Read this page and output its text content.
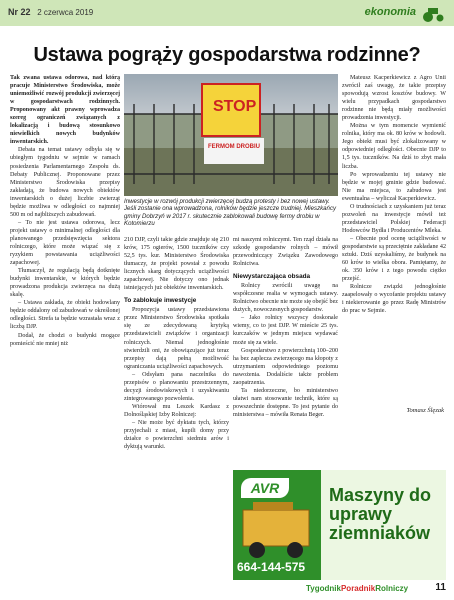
Nr 22 2 czerwca 2019	ekonomia
Ustawa pogrąży gospodarstwa rodzinne?

Tak zwana ustawa odorowa, nad którą pracuje Ministerstwo Środowiska, może uniemożliwić rozwój produkcji zwierzęcej w gospodarstwach rodzinnych. Proponowany akt prawny wprowadza szereg ograniczeń związanych z lokalizacją i budową stosunkowo niewielkich nowych budynków inwentarskich.

Debata na temat ustawy odbyła się w ubiegłym tygodniu w sejmie w ramach posiedzenia Parlamentarnego Zespołu ds. Debaty Publicznej. Proponowane przez Ministerstwo Środowiska przepisy zakładają, że budowa nowych obiektów inwentarskich o dużej liczbie zwierząt będzie możliwa w odległości co najmniej 500 m od najbliższych zabudowań.

– To nie jest ustawa odorowa, lecz projekt ustawy o minimalnej odległości dla planowanego przedsięwzięcia sektora rolniczego, które może wiązać się z ryzykiem powstawania uciążliwości zapachowej.

Tłumaczył, że regulacją będą dotknięte budynki inwentarskie, w których będzie prowadzona produkcja zwierzęca na dużą skalę.

– Ustawa zakłada, że obiekt hodowlany będzie oddalony od zabudowań w określonej odległości. Strefa ta będzie wzrastała wraz z liczbą DJP.

Dodał, że chodzi o budynki mogące pomieścić nie mniej niż

STOP
FERMOM DROBIU
Inwestycje w rozwój produkcji zwierzęcej budzą protesty i bez nowej ustawy. Jeśli zostanie ona wprowadzona, rolników będzie jeszcze trudniej. Mieszkańcy gminy Dobrzyń w 2017 r. skutecznie zablokowali budowę fermy drobiu w Kotomierzu

210 DJP, czyli takie gdzie znajduje się 210 krów, 175 ogierów, 1500 tuczników czy 52,5 tys. kur. Ministerstwo Środowiska tłumaczy, że projekt powstał z powodu licznych skarg dotyczących uciążliwości zapachowej. Nie dotyczy ono jednak istniejących już obiektów inwentarskich.

To zablokuje inwestycje

Propozycja ustawy przedstawiona przez Ministerstwo Środowiska spotkała się ze zdecydowaną krytyką przedstawicieli związków i organizacji rolniczych. Niemal jednogłośnie stwierdzili oni, że obowiązujące już teraz przepisy dają pełną możliwość ograniczania uciążliwości zapachowych.

– Odsyłam pana naczelnika do przepisów o planowaniu przestrzennym, decyzji środowiskowych i uzyskiwaniu zintegrowanego pozwolenia.

Wtórował mu Leszek Kardasz z Dolnośląskiej Izby Rolniczej:

– Nie może być dyktatu tych, którzy przyjechali z miast, kupili domy przy działce o powierzchni siedmiu arów i dyktują warunki.

mi naszymi rolniczymi. Ten rząd działa na szkodę gospodarstw rolnych – mówił przewodniczący Związku Zawodowego Rolnictwa.

Niewystarczająca obsada

Rolnicy zwrócili uwagę na współczesne realia w wymogach ustawy. Rolnictwo obecnie nie może się obejść bez dużych, nowoczesnych gospodarstw.

– Jako rolnicy wszyscy doskonale wiemy, co to jest DJP. W mieście 25 tys. kurczaków w jednym miejscu wydawać może się za wiele.

Gospodarstwo z powierzchnią 100–200 ha bez zaplecza zwierzęcego ma kłopoty z utrzymaniem odpowiedniego poziomu nawożenia. Dodaliście także problem zaopatrzenia.

Ta niedorzeczne, bo ministerstwo ułatwi nam stosowanie technik, które są powszechnie dostępne. To jest pytanie do ministerstwa – mówiła Renata Beger.

Mateusz Kacperkiewicz z Agro Unii zwrócił zaś uwagę, że takie przepisy spowodują wzrost kosztów budowy. W wielu przypadkach gospodarstwo rodzinne nie będą miały możliwości prowadzenia inwestycji.

Można w tym momencie wymienić rolnika, który ma ok. 80 krów w hodowli. Jego obiekt musi być zlokalizowany w odpowiedniej odległości. Obecnie DJP to 1,5 tys. tuczników. Na dziś to zbyt mała liczba.

Po wprowadzeniu tej ustawy nie będzie w mojej gminie gdzie budować. Nie ma miejsca, to zabudowa jest ewentualna – wyliczał Kacperkiewicz.

O trudnościach z uzyskaniem już teraz pozwoleń na inwestycje mówił też przedstawiciel Polskiej Federacji Hodowców Bydła i Producentów Mleka.

– Obecnie pod ocenę uciążliwości w gospodarstwie są przeciętnie zakładane 42 sztuki. Dziś uzyskaliśmy, że budynek na 60 krów to wielka obora. Pamiętamy, że ok. 350 krów i z tego powodu ciężko przejść.

Rolnicze związki jednogłośnie zaapelowały o wycofanie projektu ustawy i niekierowanie go przez Radę Ministrów do prac w Sejmie.

Tomasz Ślęzak
AVR
664-144-575
Maszyny do uprawy ziemniaków
TygodnikPoradnikRolniczy	11
